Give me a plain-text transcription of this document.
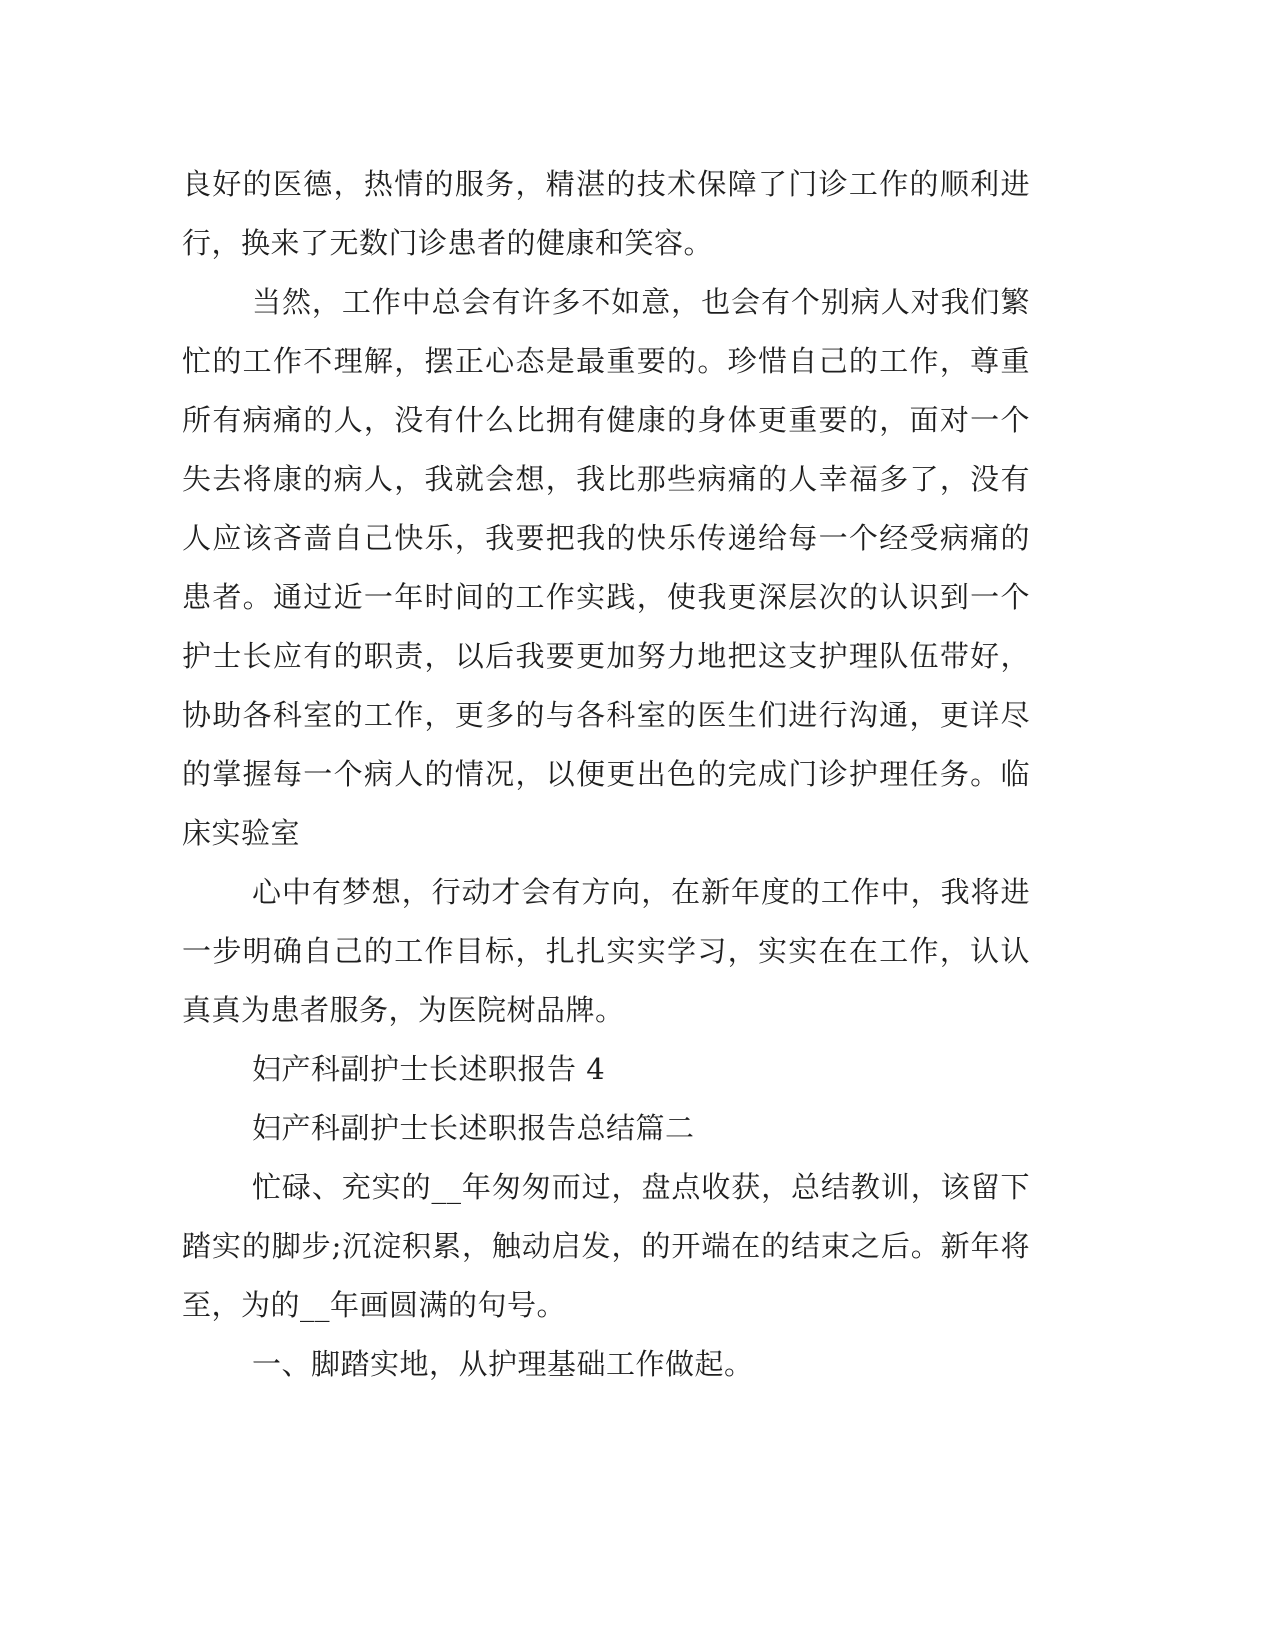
良好的医德，热情的服务，精湛的技术保障了门诊工作的顺利进行，换来了无数门诊患者的健康和笑容。

当然，工作中总会有许多不如意，也会有个别病人对我们繁忙的工作不理解，摆正心态是最重要的。珍惜自己的工作，尊重所有病痛的人，没有什么比拥有健康的身体更重要的，面对一个失去将康的病人，我就会想，我比那些病痛的人幸福多了，没有人应该吝啬自己快乐，我要把我的快乐传递给每一个经受病痛的患者。通过近一年时间的工作实践，使我更深层次的认识到一个护士长应有的职责，以后我要更加努力地把这支护理队伍带好，协助各科室的工作，更多的与各科室的医生们进行沟通，更详尽的掌握每一个病人的情况，以便更出色的完成门诊护理任务。临床实验室

心中有梦想，行动才会有方向，在新年度的工作中，我将进一步明确自己的工作目标，扎扎实实学习，实实在在工作，认认真真为患者服务，为医院树品牌。

妇产科副护士长述职报告 4

妇产科副护士长述职报告总结篇二

忙碌、充实的__年匆匆而过，盘点收获，总结教训，该留下踏实的脚步;沉淀积累，触动启发，的开端在的结束之后。新年将至，为的__年画圆满的句号。

一、脚踏实地，从护理基础工作做起。
